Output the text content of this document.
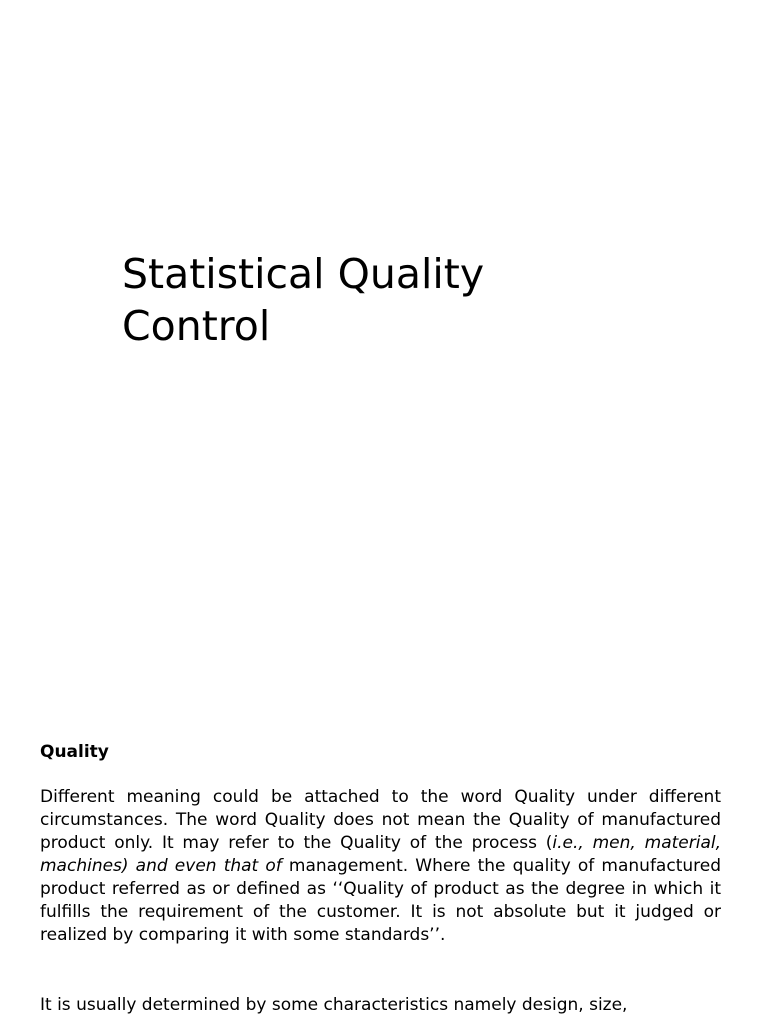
Statistical Quality
Control
Quality

Different meaning could be attached to the word Quality under different circumstances. The word Quality does not mean the Quality of manufactured product only. It may refer to the Quality of the process (i.e., men, material, machines) and even that of management. Where the quality of manufactured product referred as or defined as ‘‘Quality of product as the degree in which it fulfills the requirement of the customer. It is not absolute but it judged or realized by comparing it with some standards’’.

It is usually determined by some characteristics namely design, size,
